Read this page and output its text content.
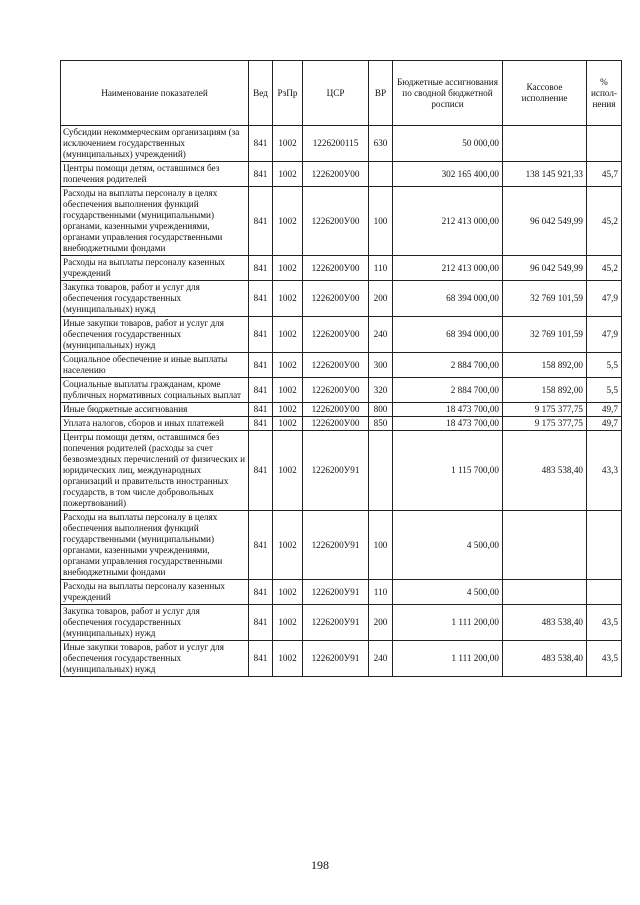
Наименование показателей	Вед	РзПр	ЦСР	ВР	Бюджетные ассигнования по сводной бюджетной росписи	Кассовое исполнение	% испол-нения
Субсидии некоммерческим организациям (за исключением государственных (муниципальных) учреждений)	841	1002	1226200115	630	50 000,00		
Центры помощи детям, оставшимся без попечения родителей	841	1002	1226200У00		302 165 400,00	138 145 921,33	45,7
Расходы на выплаты персоналу в целях обеспечения выполнения функций государственными (муниципальными) органами, казенными учреждениями, органами управления государственными внебюджетными фондами	841	1002	1226200У00	100	212 413 000,00	96 042 549,99	45,2
Расходы на выплаты персоналу казенных учреждений	841	1002	1226200У00	110	212 413 000,00	96 042 549,99	45,2
Закупка товаров, работ и услуг для обеспечения государственных (муниципальных) нужд	841	1002	1226200У00	200	68 394 000,00	32 769 101,59	47,9
Иные закупки товаров, работ и услуг для обеспечения государственных (муниципальных) нужд	841	1002	1226200У00	240	68 394 000,00	32 769 101,59	47,9
Социальное обеспечение и иные выплаты населению	841	1002	1226200У00	300	2 884 700,00	158 892,00	5,5
Социальные выплаты гражданам, кроме публичных нормативных социальных выплат	841	1002	1226200У00	320	2 884 700,00	158 892,00	5,5
Иные бюджетные ассигнования	841	1002	1226200У00	800	18 473 700,00	9 175 377,75	49,7
Уплата налогов, сборов и иных платежей	841	1002	1226200У00	850	18 473 700,00	9 175 377,75	49,7
Центры помощи детям, оставшимся без попечения родителей (расходы за счет безвозмездных перечислений от физических и юридических лиц, международных организаций и правительств иностранных государств, в том числе добровольных пожертвований)	841	1002	1226200У91		1 115 700,00	483 538,40	43,3
Расходы на выплаты персоналу в целях обеспечения выполнения функций государственными (муниципальными) органами, казенными учреждениями, органами управления государственными внебюджетными фондами	841	1002	1226200У91	100	4 500,00		
Расходы на выплаты персоналу казенных учреждений	841	1002	1226200У91	110	4 500,00		
Закупка товаров, работ и услуг для обеспечения государственных (муниципальных) нужд	841	1002	1226200У91	200	1 111 200,00	483 538,40	43,5
Иные закупки товаров, работ и услуг для обеспечения государственных (муниципальных) нужд	841	1002	1226200У91	240	1 111 200,00	483 538,40	43,5
198
